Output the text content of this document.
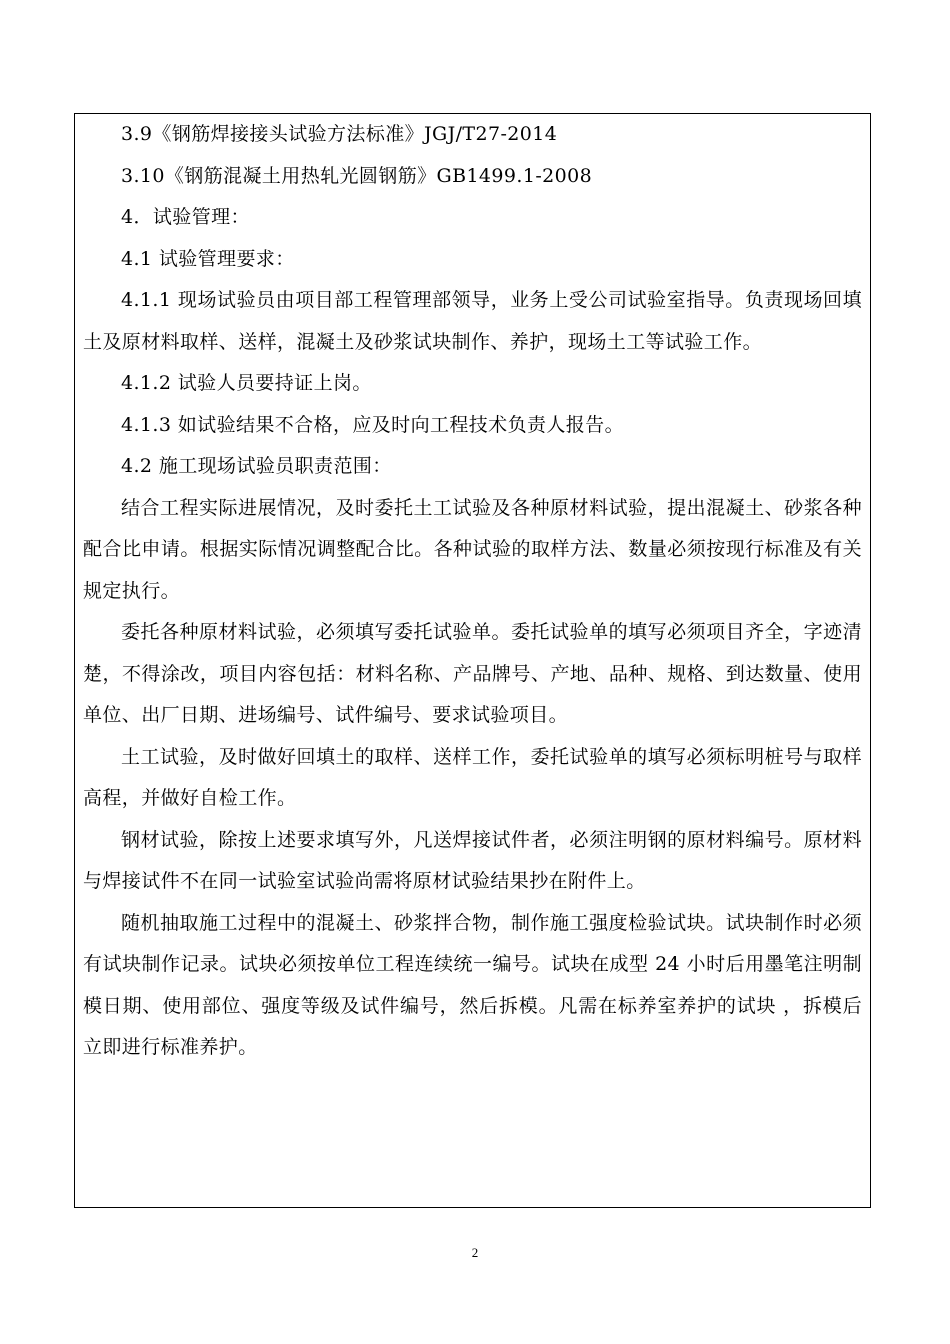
3.9《钢筋焊接接头试验方法标准》JGJ/T27-2014

3.10《钢筋混凝土用热轧光圆钢筋》GB1499.1-2008

4．试验管理：

4.1 试验管理要求：

4.1.1 现场试验员由项目部工程管理部领导，业务上受公司试验室指导。负责现场回填土及原材料取样、送样，混凝土及砂浆试块制作、养护，现场土工等试验工作。

4.1.2 试验人员要持证上岗。

4.1.3 如试验结果不合格，应及时向工程技术负责人报告。

4.2 施工现场试验员职责范围：

结合工程实际进展情况，及时委托土工试验及各种原材料试验，提出混凝土、砂浆各种配合比申请。根据实际情况调整配合比。各种试验的取样方法、数量必须按现行标准及有关规定执行。

委托各种原材料试验，必须填写委托试验单。委托试验单的填写必须项目齐全，字迹清楚，不得涂改，项目内容包括：材料名称、产品牌号、产地、品种、规格、到达数量、使用单位、出厂日期、进场编号、试件编号、要求试验项目。

土工试验，及时做好回填土的取样、送样工作，委托试验单的填写必须标明桩号与取样高程，并做好自检工作。

钢材试验，除按上述要求填写外，凡送焊接试件者，必须注明钢的原材料编号。原材料与焊接试件不在同一试验室试验尚需将原材试验结果抄在附件上。

随机抽取施工过程中的混凝土、砂浆拌合物，制作施工强度检验试块。试块制作时必须有试块制作记录。试块必须按单位工程连续统一编号。试块在成型 24 小时后用墨笔注明制模日期、使用部位、强度等级及试件编号，然后拆模。凡需在标养室养护的试块 ，拆模后立即进行标准养护。

2
